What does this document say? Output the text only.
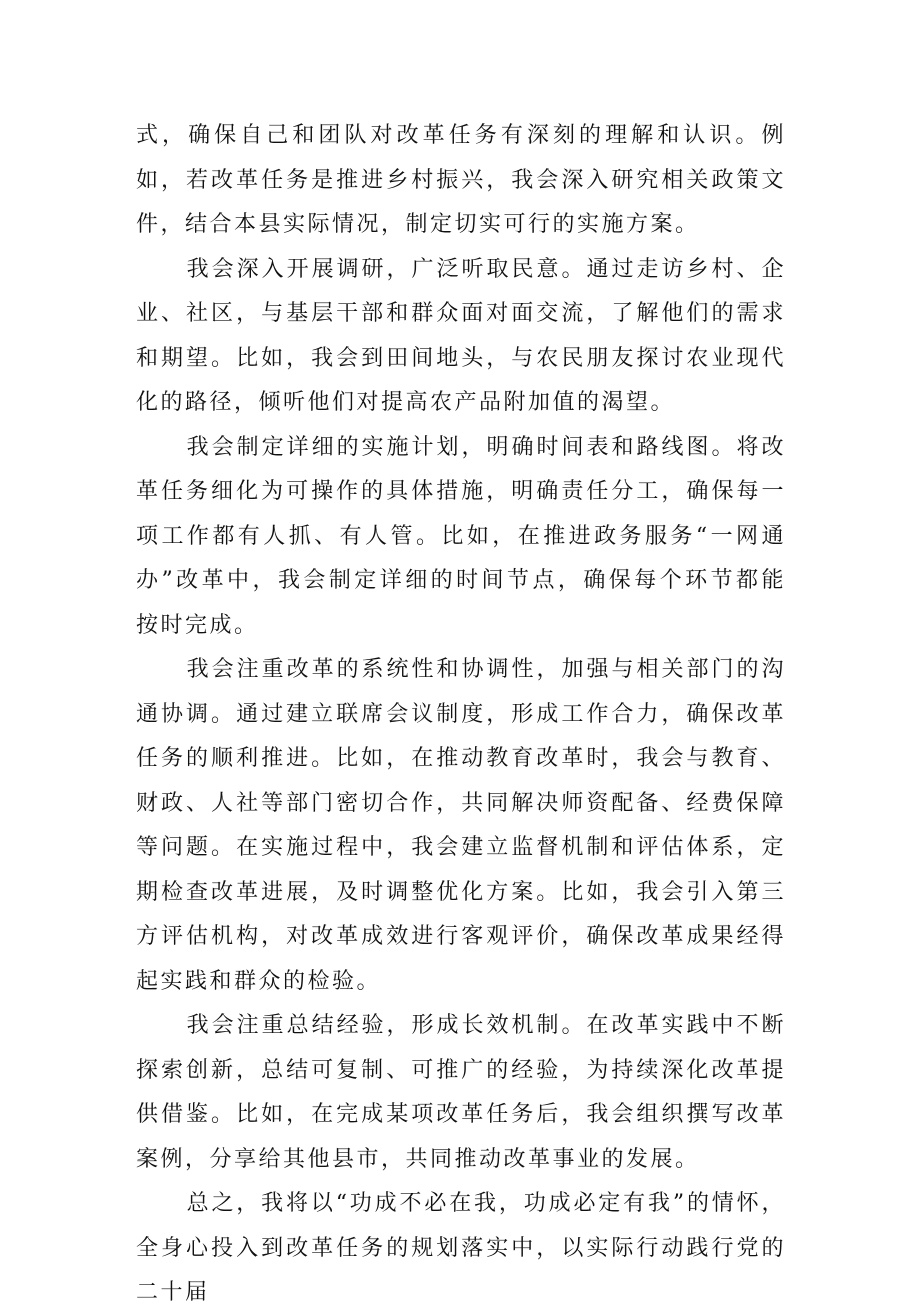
式，确保自己和团队对改革任务有深刻的理解和认识。例如，若改革任务是推进乡村振兴，我会深入研究相关政策文件，结合本县实际情况，制定切实可行的实施方案。

我会深入开展调研，广泛听取民意。通过走访乡村、企业、社区，与基层干部和群众面对面交流，了解他们的需求和期望。比如，我会到田间地头，与农民朋友探讨农业现代化的路径，倾听他们对提高农产品附加值的渴望。

我会制定详细的实施计划，明确时间表和路线图。将改革任务细化为可操作的具体措施，明确责任分工，确保每一项工作都有人抓、有人管。比如，在推进政务服务“一网通办”改革中，我会制定详细的时间节点，确保每个环节都能按时完成。

我会注重改革的系统性和协调性，加强与相关部门的沟通协调。通过建立联席会议制度，形成工作合力，确保改革任务的顺利推进。比如，在推动教育改革时，我会与教育、财政、人社等部门密切合作，共同解决师资配备、经费保障等问题。在实施过程中，我会建立监督机制和评估体系，定期检查改革进展，及时调整优化方案。比如，我会引入第三方评估机构，对改革成效进行客观评价，确保改革成果经得起实践和群众的检验。

我会注重总结经验，形成长效机制。在改革实践中不断探索创新，总结可复制、可推广的经验，为持续深化改革提供借鉴。比如，在完成某项改革任务后，我会组织撰写改革案例，分享给其他县市，共同推动改革事业的发展。

总之，我将以“功成不必在我，功成必定有我”的情怀，全身心投入到改革任务的规划落实中，以实际行动践行党的二十届
